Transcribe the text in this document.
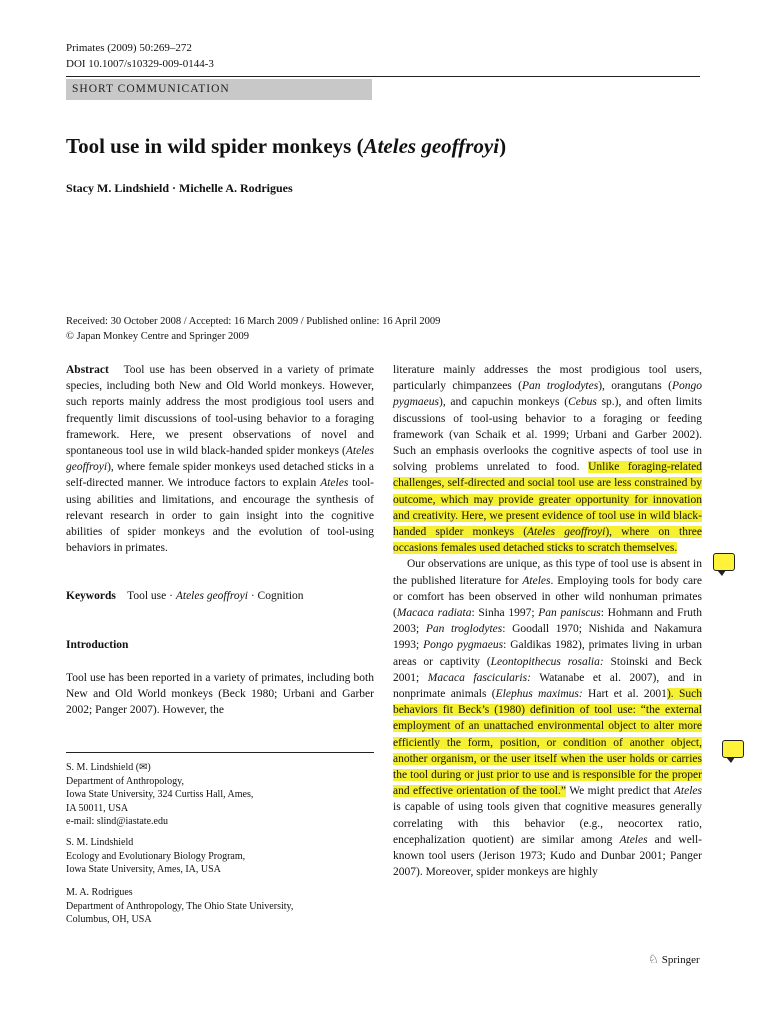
Primates (2009) 50:269–272
DOI 10.1007/s10329-009-0144-3
SHORT COMMUNICATION
Tool use in wild spider monkeys (Ateles geoffroyi)
Stacy M. Lindshield · Michelle A. Rodrigues
Received: 30 October 2008 / Accepted: 16 March 2009 / Published online: 16 April 2009
© Japan Monkey Centre and Springer 2009

Abstract Tool use has been observed in a variety of primate species, including both New and Old World monkeys. However, such reports mainly address the most prodigious tool users and frequently limit discussions of tool-using behavior to a foraging framework. Here, we present observations of novel and spontaneous tool use in wild black-handed spider monkeys (Ateles geoffroyi), where female spider monkeys used detached sticks in a self-directed manner. We introduce factors to explain Ateles tool-using abilities and limitations, and encourage the synthesis of relevant research in order to gain insight into the cognitive abilities of spider monkeys and the evolution of tool-using behaviors in primates.

Keywords Tool use · Ateles geoffroyi · Cognition

Introduction

Tool use has been reported in a variety of primates, including both New and Old World monkeys (Beck 1980; Urbani and Garber 2002; Panger 2007). However, the

S. M. Lindshield (✉)
Department of Anthropology,
Iowa State University, 324 Curtiss Hall, Ames,
IA 50011, USA
e-mail: slind@iastate.edu
S. M. Lindshield
Ecology and Evolutionary Biology Program,
Iowa State University, Ames, IA, USA
M. A. Rodrigues
Department of Anthropology, The Ohio State University,
Columbus, OH, USA

literature mainly addresses the most prodigious tool users, particularly chimpanzees (Pan troglodytes), orangutans (Pongo pygmaeus), and capuchin monkeys (Cebus sp.), and often limits discussions of tool-using behavior to a foraging or feeding framework (van Schaik et al. 1999; Urbani and Garber 2002). Such an emphasis overlooks the cognitive aspects of tool use in solving problems unrelated to food. Unlike foraging-related challenges, self-directed and social tool use are less constrained by outcome, which may provide greater opportunity for innovation and creativity. Here, we present evidence of tool use in wild black-handed spider monkeys (Ateles geoffroyi), where on three occasions females used detached sticks to scratch themselves.

Our observations are unique, as this type of tool use is absent in the published literature for Ateles. Employing tools for body care or comfort has been observed in other wild nonhuman primates (Macaca radiata: Sinha 1997; Pan paniscus: Hohmann and Fruth 2003; Pan troglodytes: Goodall 1970; Nishida and Nakamura 1993; Pongo pygmaeus: Galdikas 1982), primates living in urban areas or captivity (Leontopithecus rosalia: Stoinski and Beck 2001; Macaca fascicularis: Watanabe et al. 2007), and in nonprimate animals (Elephus maximus: Hart et al. 2001). Such behaviors fit Beck’s (1980) definition of tool use: “the external employment of an unattached environmental object to alter more efficiently the form, position, or condition of another object, another organism, or the user itself when the user holds or carries the tool during or just prior to use and is responsible for the proper and effective orientation of the tool.” We might predict that Ateles is capable of using tools given that cognitive measures generally correlating with this behavior (e.g., neocortex ratio, encephalization quotient) are similar among Ateles and well-known tool users (Jerison 1973; Kudo and Dunbar 2001; Panger 2007). Moreover, spider monkeys are highly

♘ Springer
